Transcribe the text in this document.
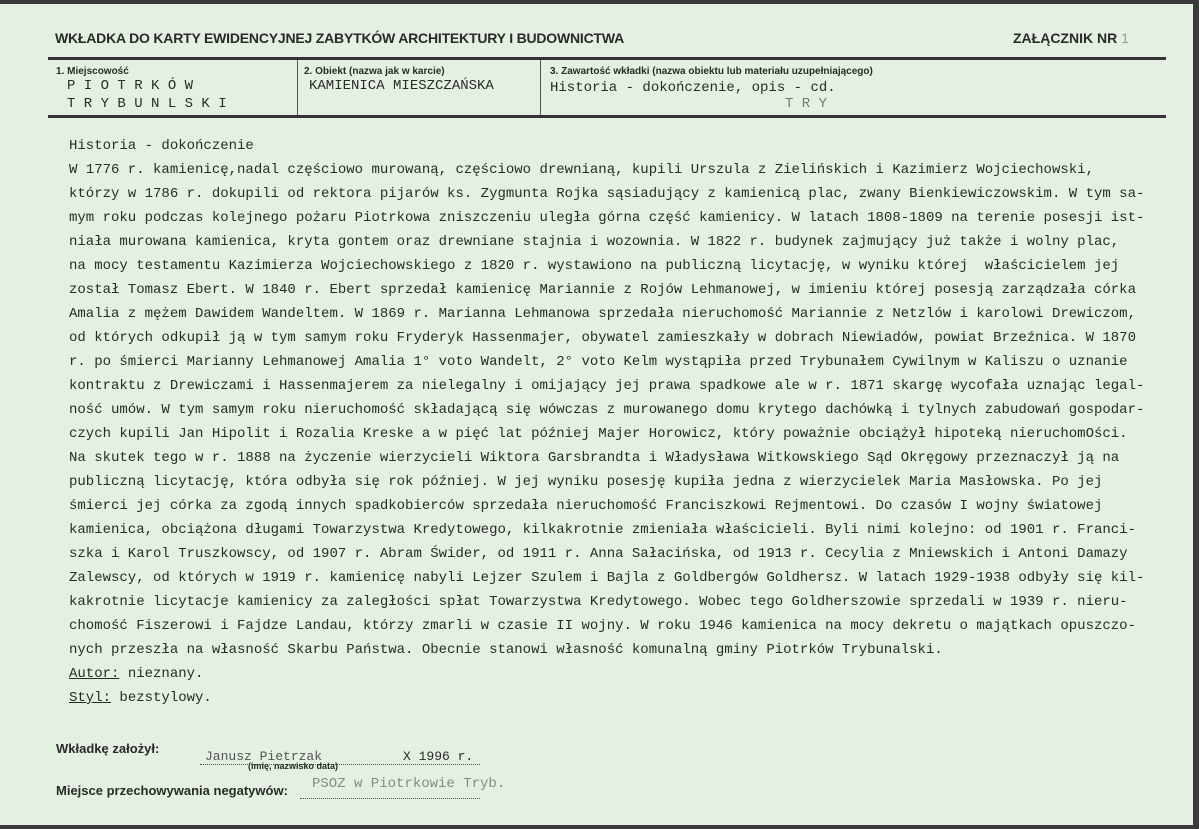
WKŁADKA DO KARTY EWIDENCYJNEJ ZABYTKÓW ARCHITEKTURY I BUDOWNICTWA	ZAŁĄCZNIK NR 1
1. Miejscowość
P I O T R K Ó W
T R Y B U N L S K I
2. Obiekt (nazwa jak w karcie)
KAMIENICA MIESZCZAŃSKA
3. Zawartość wkładki (nazwa obiektu lub materiału uzupełniającego)
Historia - dokończenie, opis - cd.
T R Y
Historia - dokończenie
W 1776 r. kamienicę,nadal częściowo murowaną, częściowo drewnianą, kupili Urszula z Zielińskich i Kazimierz Wojciechowski,
którzy w 1786 r. dokupili od rektora pijarów ks. Zygmunta Rojka sąsiadujący z kamienicą plac, zwany Bienkiewiczowskim. W tym sa-
mym roku podczas kolejnego pożaru Piotrkowa zniszczeniu uległa górna część kamienicy. W latach 1808-1809 na terenie posesji ist-
niała murowana kamienica, kryta gontem oraz drewniane stajnia i wozownia. W 1822 r. budynek zajmujący już także i wolny plac,
na mocy testamentu Kazimierza Wojciechowskiego z 1820 r. wystawiono na publiczną licytację, w wyniku której  właścicielem jej
został Tomasz Ebert. W 1840 r. Ebert sprzedał kamienicę Mariannie z Rojów Lehmanowej, w imieniu której posesją zarządzała córka
Amalia z mężem Dawidem Wandeltem. W 1869 r. Marianna Lehmanowa sprzedała nieruchomość Mariannie z Netzlów i karolowi Drewiczom,
od których odkupił ją w tym samym roku Fryderyk Hassenmajer, obywatel zamieszkały w dobrach Niewiadów, powiat Brzeźnica. W 1870
r. po śmierci Marianny Lehmanowej Amalia 1° voto Wandelt, 2° voto Kelm wystąpiła przed Trybunałem Cywilnym w Kaliszu o uznanie
kontraktu z Drewiczami i Hassenmajerem za nielegalny i omijający jej prawa spadkowe ale w r. 1871 skargę wycofała uznając legal-
ność umów. W tym samym roku nieruchomość składającą się wówczas z murowanego domu krytego dachówką i tylnych zabudowań gospodar-
czych kupili Jan Hipolit i Rozalia Kreske a w pięć lat później Majer Horowicz, który poważnie obciążył hipoteką nieruchomOści.
Na skutek tego w r. 1888 na życzenie wierzycieli Wiktora Garsbrandta i Władysława Witkowskiego Sąd Okręgowy przeznaczył ją na
publiczną licytację, która odbyła się rok później. W jej wyniku posesję kupiła jedna z wierzycielek Maria Masłowska. Po jej
śmierci jej córka za zgodą innych spadkobierców sprzedała nieruchomość Franciszkowi Rejmentowi. Do czasów I wojny światowej
kamienica, obciążona długami Towarzystwa Kredytowego, kilkakrotnie zmieniała właścicieli. Byli nimi kolejno: od 1901 r. Franci-
szka i Karol Truszkowscy, od 1907 r. Abram Świder, od 1911 r. Anna Sałacińska, od 1913 r. Cecylia z Mniewskich i Antoni Damazy
Zalewscy, od których w 1919 r. kamienicę nabyli Lejzer Szulem i Bajla z Goldbergów Goldhersz. W latach 1929-1938 odbyły się kil-
kakrotnie licytacje kamienicy za zaległości spłat Towarzystwa Kredytowego. Wobec tego Goldherszowie sprzedali w 1939 r. nieru-
chomość Fiszerowi i Fajdze Landau, którzy zmarli w czasie II wojny. W roku 1946 kamienica na mocy dekretu o majątkach opuszczo-
nych przeszła na własność Skarbu Państwa. Obecnie stanowi własność komunalną gminy Piotrków Trybunalski.
Autor: nieznany.
Styl: bezstylowy.
Wkładkę założył:
Janusz Pietrzak	X 1996 r.
(imię, nazwisko data)
Miejsce przechowywania negatywów: PSOZ w Piotrkowie Tryb.
